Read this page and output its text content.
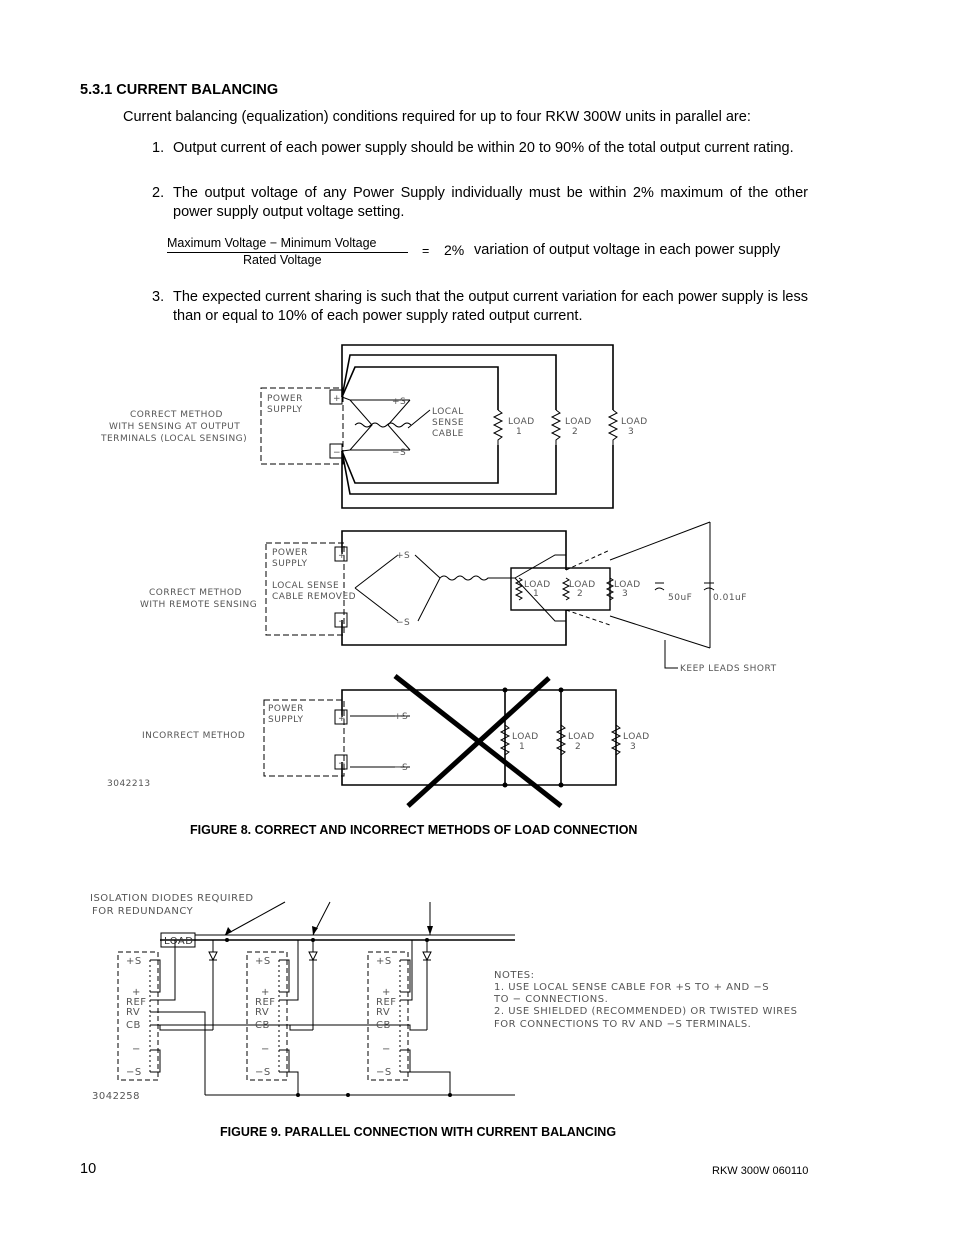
5.3.1 CURRENT BALANCING
Current balancing (equalization) conditions required for up to four RKW 300W units in parallel are:
1. Output current of each power supply should be within 20 to 90% of the total output current rating.
2. The output voltage of any Power Supply individually must be within 2% maximum of the other power supply output voltage setting.
Maximum Voltage − Minimum Voltage
Rated Voltage
= 2% variation of output voltage in each power supply
3. The expected current sharing is such that the output current variation for each power supply is less than or equal to 10% of each power supply rated output current.
CORRECT METHOD
WITH SENSING AT OUTPUT
TERMINALS (LOCAL SENSING)
POWER
SUPPLY
+
−
+S
−S
LOCAL
SENSE
CABLE
LOAD
1
LOAD
2
LOAD
3
CORRECT METHOD
WITH REMOTE SENSING
POWER
SUPPLY
LOCAL SENSE
CABLE REMOVED
+
−
+S
−S
LOAD
1
LOAD
2
LOAD
3	50uF 0.01uF
KEEP LEADS SHORT
INCORRECT METHOD
POWER
SUPPLY	+
−
+S
−S
LOAD
1
LOAD
2
LOAD
3
3042213
FIGURE 8. CORRECT AND INCORRECT METHODS OF LOAD CONNECTION
ISOLATION DIODES REQUIRED
FOR REDUNDANCY
LOAD
+S
+
REF
RV
CB
−
−S
+S
+
REF
RV
CB
−
−S
+S
+
REF
RV
CB
−
−S
NOTES:
1. USE LOCAL SENSE CABLE FOR +S TO + AND −S
TO − CONNECTIONS.
2. USE SHIELDED (RECOMMENDED) OR TWISTED WIRES
FOR CONNECTIONS TO RV AND −S TERMINALS.
3042258
FIGURE 9. PARALLEL CONNECTION WITH CURRENT BALANCING
10	RKW 300W 060110
